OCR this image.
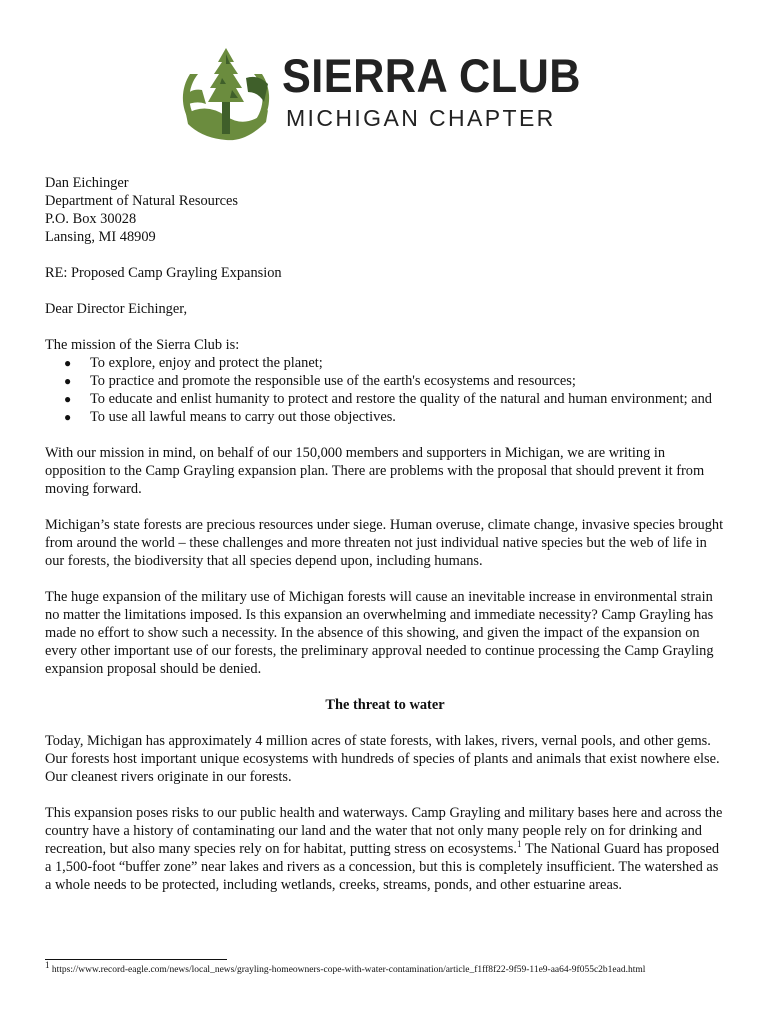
SIERRA CLUB
MICHIGAN CHAPTER
Dan Eichinger
Department of Natural Resources
P.O. Box 30028
Lansing, MI 48909

RE: Proposed Camp Grayling Expansion

Dear Director Eichinger,

The mission of the Sierra Club is:
● To explore, enjoy and protect the planet;
● To practice and promote the responsible use of the earth's ecosystems and resources;
● To educate and enlist humanity to protect and restore the quality of the natural and human environment; and
● To use all lawful means to carry out those objectives.

With our mission in mind, on behalf of our 150,000 members and supporters in Michigan, we are writing in opposition to the Camp Grayling expansion plan. There are problems with the proposal that should prevent it from moving forward.

Michigan’s state forests are precious resources under siege. Human overuse, climate change, invasive species brought from around the world – these challenges and more threaten not just individual native species but the web of life in our forests, the biodiversity that all species depend upon, including humans.

The huge expansion of the military use of Michigan forests will cause an inevitable increase in environmental strain no matter the limitations imposed. Is this expansion an overwhelming and immediate necessity? Camp Grayling has made no effort to show such a necessity. In the absence of this showing, and given the impact of the expansion on every other important use of our forests, the preliminary approval needed to continue processing the Camp Grayling expansion proposal should be denied.

The threat to water

Today, Michigan has approximately 4 million acres of state forests, with lakes, rivers, vernal pools, and other gems. Our forests host important unique ecosystems with hundreds of species of plants and animals that exist nowhere else. Our cleanest rivers originate in our forests.

This expansion poses risks to our public health and waterways. Camp Grayling and military bases here and across the country have a history of contaminating our land and the water that not only many people rely on for drinking and recreation, but also many species rely on for habitat, putting stress on ecosystems.$^1$ The National Guard has proposed a 1,500-foot “buffer zone” near lakes and rivers as a concession, but this is completely insufficient. The watershed as a whole needs to be protected, including wetlands, creeks, streams, ponds, and other estuarine areas.

1 https://www.record-eagle.com/news/local_news/grayling-homeowners-cope-with-water-contamination/article_f1ff8f22-9f59-11e9-aa64-9f055c2b1ead.html
